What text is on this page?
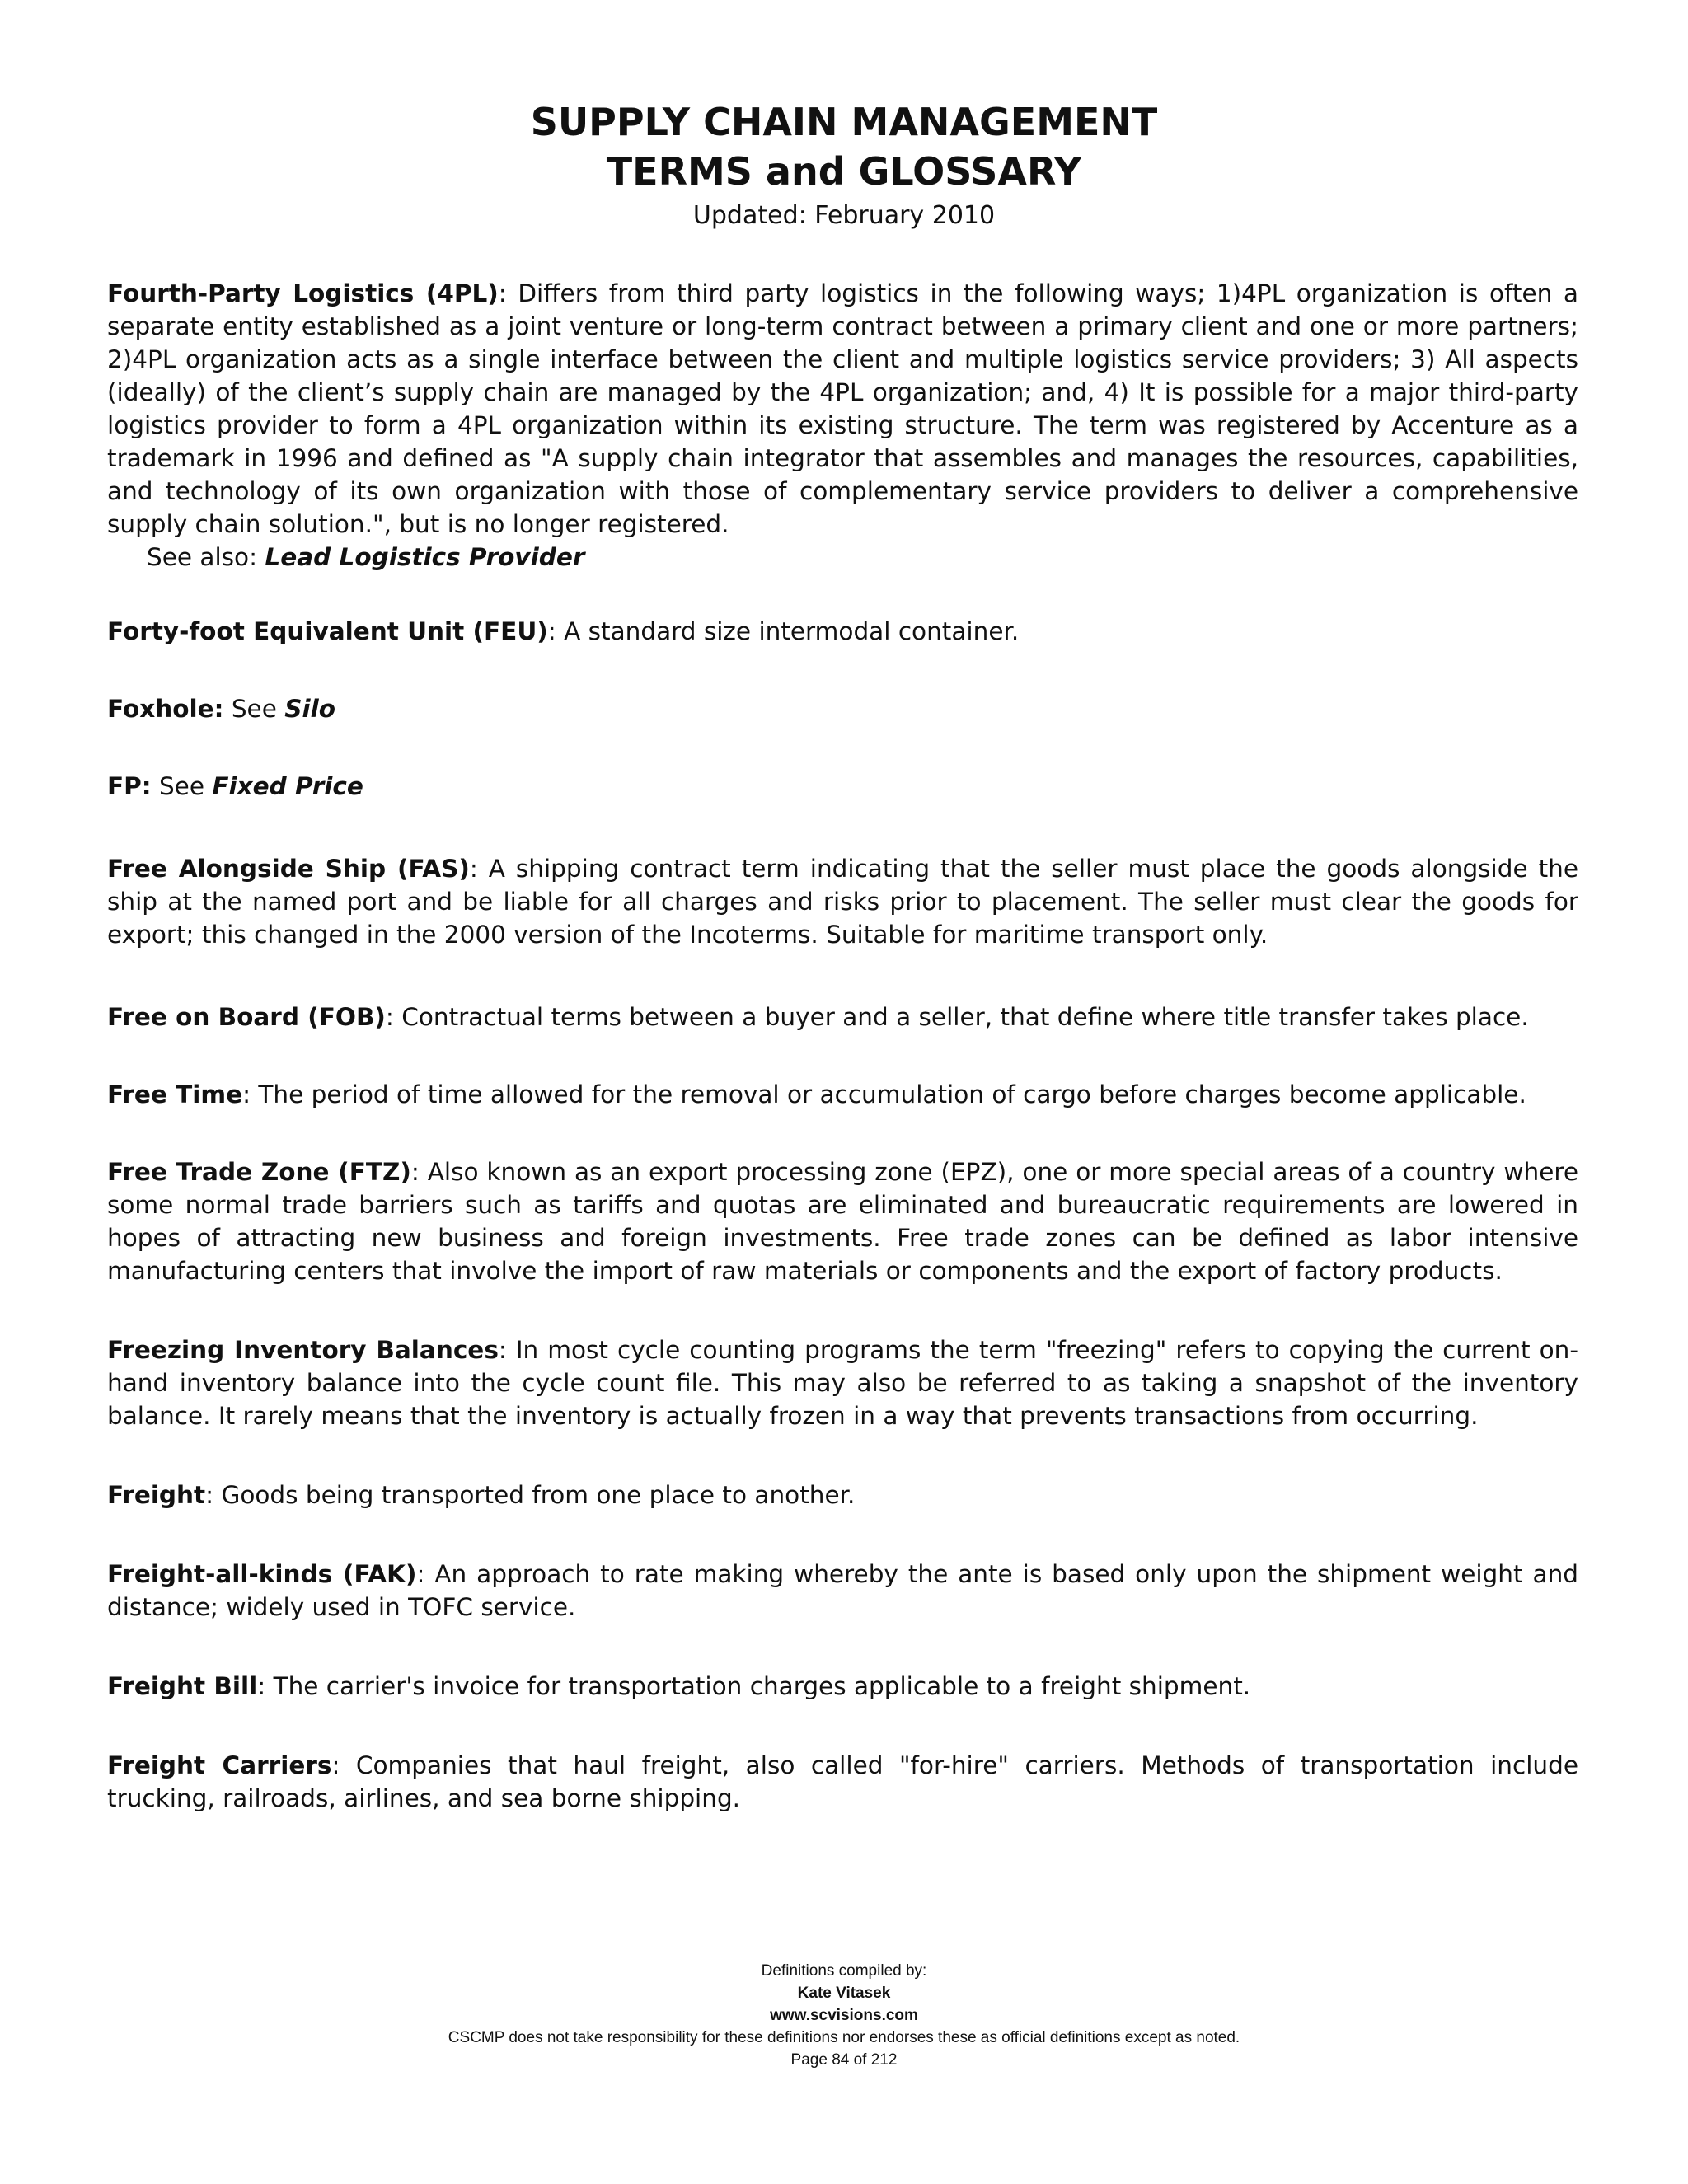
SUPPLY CHAIN MANAGEMENT
TERMS and GLOSSARY
Updated: February 2010
Fourth-Party Logistics (4PL): Differs from third party logistics in the following ways; 1)4PL organization is often a separate entity established as a joint venture or long-term contract between a primary client and one or more partners; 2)4PL organization acts as a single interface between the client and multiple logistics service providers; 3) All aspects (ideally) of the client’s supply chain are managed by the 4PL organization; and, 4) It is possible for a major third-party logistics provider to form a 4PL organization within its existing structure. The term was registered by Accenture as a trademark in 1996 and defined as "A supply chain integrator that assembles and manages the resources, capabilities, and technology of its own organization with those of complementary service providers to deliver a comprehensive supply chain solution.", but is no longer registered.
See also: Lead Logistics Provider
Forty-foot Equivalent Unit (FEU): A standard size intermodal container.
Foxhole: See Silo
FP: See Fixed Price
Free Alongside Ship (FAS): A shipping contract term indicating that the seller must place the goods alongside the ship at the named port and be liable for all charges and risks prior to placement. The seller must clear the goods for export; this changed in the 2000 version of the Incoterms. Suitable for maritime transport only.
Free on Board (FOB): Contractual terms between a buyer and a seller, that define where title transfer takes place.
Free Time: The period of time allowed for the removal or accumulation of cargo before charges become applicable.
Free Trade Zone (FTZ): Also known as an export processing zone (EPZ), one or more special areas of a country where some normal trade barriers such as tariffs and quotas are eliminated and bureaucratic requirements are lowered in hopes of attracting new business and foreign investments. Free trade zones can be defined as labor intensive manufacturing centers that involve the import of raw materials or components and the export of factory products.
Freezing Inventory Balances: In most cycle counting programs the term "freezing" refers to copying the current on-hand inventory balance into the cycle count file. This may also be referred to as taking a snapshot of the inventory balance. It rarely means that the inventory is actually frozen in a way that prevents transactions from occurring.
Freight: Goods being transported from one place to another.
Freight-all-kinds (FAK): An approach to rate making whereby the ante is based only upon the shipment weight and distance; widely used in TOFC service.
Freight Bill: The carrier's invoice for transportation charges applicable to a freight shipment.
Freight Carriers: Companies that haul freight, also called "for-hire" carriers. Methods of transportation include trucking, railroads, airlines, and sea borne shipping.
Definitions compiled by:
Kate Vitasek
www.scvisions.com
CSCMP does not take responsibility for these definitions nor endorses these as official definitions except as noted.
Page 84 of 212
